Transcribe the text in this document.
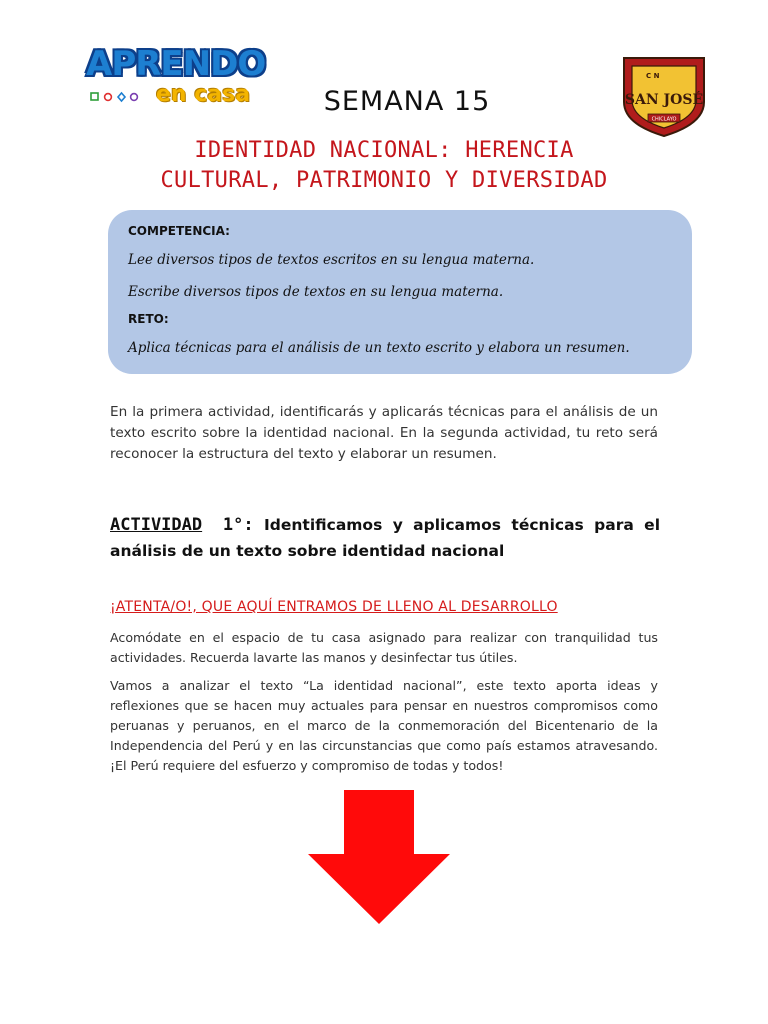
APRENDO
en casa
C N
SAN JOSÉ
CHICLAYO
SEMANA 15
IDENTIDAD NACIONAL: HERENCIA
CULTURAL, PATRIMONIO Y DIVERSIDAD
COMPETENCIA:
Lee diversos tipos de textos escritos en su lengua materna.
Escribe diversos tipos de textos en su lengua materna.
RETO:
Aplica técnicas para el análisis de un texto escrito y elabora un resumen.
En la primera actividad, identificarás y aplicarás técnicas para el análisis de un texto escrito sobre la identidad nacional. En la segunda actividad, tu reto será reconocer la estructura del texto y elaborar un resumen.
ACTIVIDAD 1°: Identificamos y aplicamos técnicas para el análisis de un texto sobre identidad nacional
¡ATENTA/O!, QUE AQUÍ ENTRAMOS DE LLENO AL DESARROLLO
Acomódate en el espacio de tu casa asignado para realizar con tranquilidad tus actividades. Recuerda lavarte las manos y desinfectar tus útiles.
Vamos a analizar el texto “La identidad nacional”, este texto aporta ideas y reflexiones que se hacen muy actuales para pensar en nuestros compromisos como peruanas y peruanos, en el marco de la conmemoración del Bicentenario de la Independencia del Perú y en las circunstancias que como país estamos atravesando. ¡El Perú requiere del esfuerzo y compromiso de todas y todos!
